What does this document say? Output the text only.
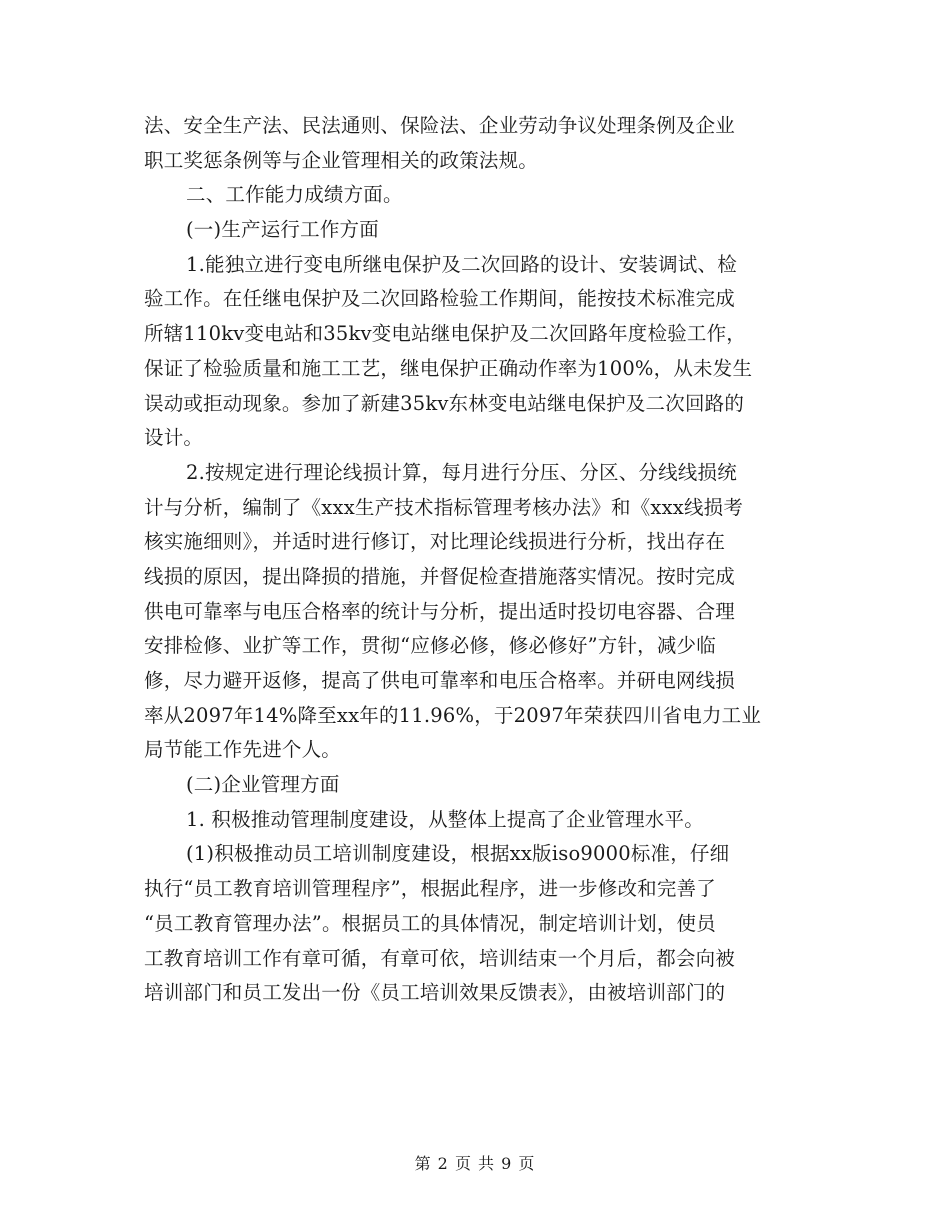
法、安全生产法、民法通则、保险法、企业劳动争议处理条例及企业
职工奖惩条例等与企业管理相关的政策法规。
二、工作能力成绩方面。
(一)生产运行工作方面
1.能独立进行变电所继电保护及二次回路的设计、安装调试、检
验工作。在任继电保护及二次回路检验工作期间，能按技术标准完成
所辖110kv变电站和35kv变电站继电保护及二次回路年度检验工作，
保证了检验质量和施工工艺，继电保护正确动作率为100%，从未发生
误动或拒动现象。参加了新建35kv东林变电站继电保护及二次回路的
设计。
2.按规定进行理论线损计算，每月进行分压、分区、分线线损统
计与分析，编制了《xxx生产技术指标管理考核办法》和《xxx线损考
核实施细则》，并适时进行修订，对比理论线损进行分析，找出存在
线损的原因，提出降损的措施，并督促检查措施落实情况。按时完成
供电可靠率与电压合格率的统计与分析，提出适时投切电容器、合理
安排检修、业扩等工作，贯彻“应修必修，修必修好”方针，减少临
修，尽力避开返修，提高了供电可靠率和电压合格率。并研电网线损
率从2097年14%降至xx年的11.96%，于2097年荣获四川省电力工业
局节能工作先进个人。
(二)企业管理方面
1. 积极推动管理制度建设，从整体上提高了企业管理水平。
(1)积极推动员工培训制度建设，根据xx版iso9000标准，仔细
执行“员工教育培训管理程序”，根据此程序，进一步修改和完善了
“员工教育管理办法”。根据员工的具体情况，制定培训计划，使员
工教育培训工作有章可循，有章可依，培训结束一个月后，都会向被
培训部门和员工发出一份《员工培训效果反馈表》，由被培训部门的
第 2 页 共 9 页
